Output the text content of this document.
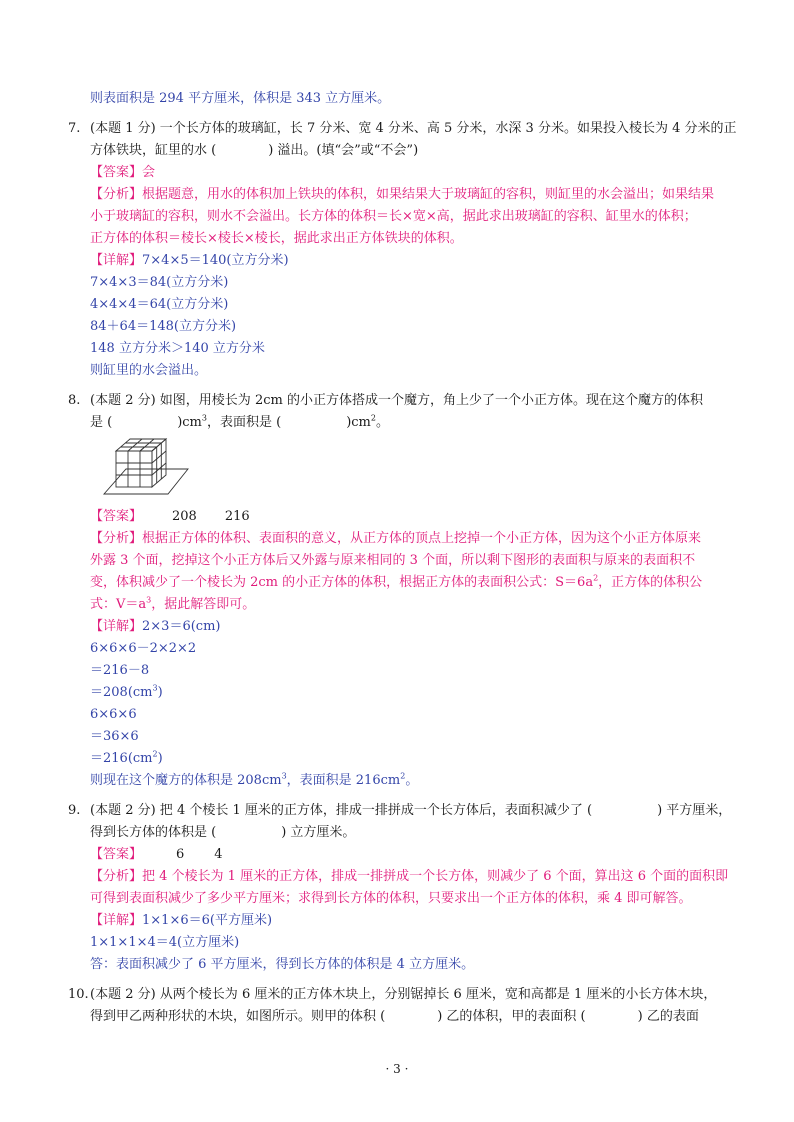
则表面积是 294 平方厘米，体积是 343 立方厘米。
7. (本题 1 分) 一个长方体的玻璃缸，长 7 分米、宽 4 分米、高 5 分米，水深 3 分米。如果投入棱长为 4 分米的正
方体铁块，缸里的水 (　　　　) 溢出。(填“会”或“不会”)
【答案】会
【分析】根据题意，用水的体积加上铁块的体积，如果结果大于玻璃缸的容积，则缸里的水会溢出；如果结果
小于玻璃缸的容积，则水不会溢出。长方体的体积＝长×宽×高，据此求出玻璃缸的容积、缸里水的体积；
正方体的体积＝棱长×棱长×棱长，据此求出正方体铁块的体积。
【详解】7×4×5＝140(立方分米)
7×4×3＝84(立方分米)
4×4×4＝64(立方分米)
84＋64＝148(立方分米)
148 立方分米＞140 立方分米
则缸里的水会溢出。
8. (本题 2 分) 如图，用棱长为 2cm 的小正方体搭成一个魔方，角上少了一个小正方体。现在这个魔方的体积
是 (　　　　　)$cm^3$，表面积是 (　　　　　)$cm^2$。
【答案】 208 216
【分析】根据正方体的体积、表面积的意义，从正方体的顶点上挖掉一个小正方体，因为这个小正方体原来
外露 3 个面，挖掉这个小正方体后又外露与原来相同的 3 个面，所以剩下图形的表面积与原来的表面积不
变，体积减少了一个棱长为 2cm 的小正方体的体积，根据正方体的表面积公式：$S=6a^2$，正方体的体积公
式：$V=a^3$，据此解答即可。
【详解】2×3＝6(cm)
6×6×6－2×2×2
＝216－8
$=208(cm^3)$
6×6×6
＝36×6
$=216(cm^2)$
则现在这个魔方的体积是 $208cm^3$，表面积是 $216cm^2$。
9. (本题 2 分) 把 4 个棱长 1 厘米的正方体，排成一排拼成一个长方体后，表面积减少了 (　　　　　) 平方厘米，
得到长方体的体积是 (　　　　　) 立方厘米。
【答案】	6 4
【分析】把 4 个棱长为 1 厘米的正方体，排成一排拼成一个长方体，则减少了 6 个面，算出这 6 个面的面积即
可得到表面积减少了多少平方厘米；求得到长方体的体积，只要求出一个正方体的体积，乘 4 即可解答。
【详解】1×1×6＝6(平方厘米)
1×1×1×4＝4(立方厘米)
答：表面积减少了 6 平方厘米，得到长方体的体积是 4 立方厘米。
10.(本题 2 分) 从两个棱长为 6 厘米的正方体木块上，分别锯掉长 6 厘米，宽和高都是 1 厘米的小长方体木块，
得到甲乙两种形状的木块，如图所示。则甲的体积 (　　　　) 乙的体积，甲的表面积 (　　　　) 乙的表面
· 3 ·
